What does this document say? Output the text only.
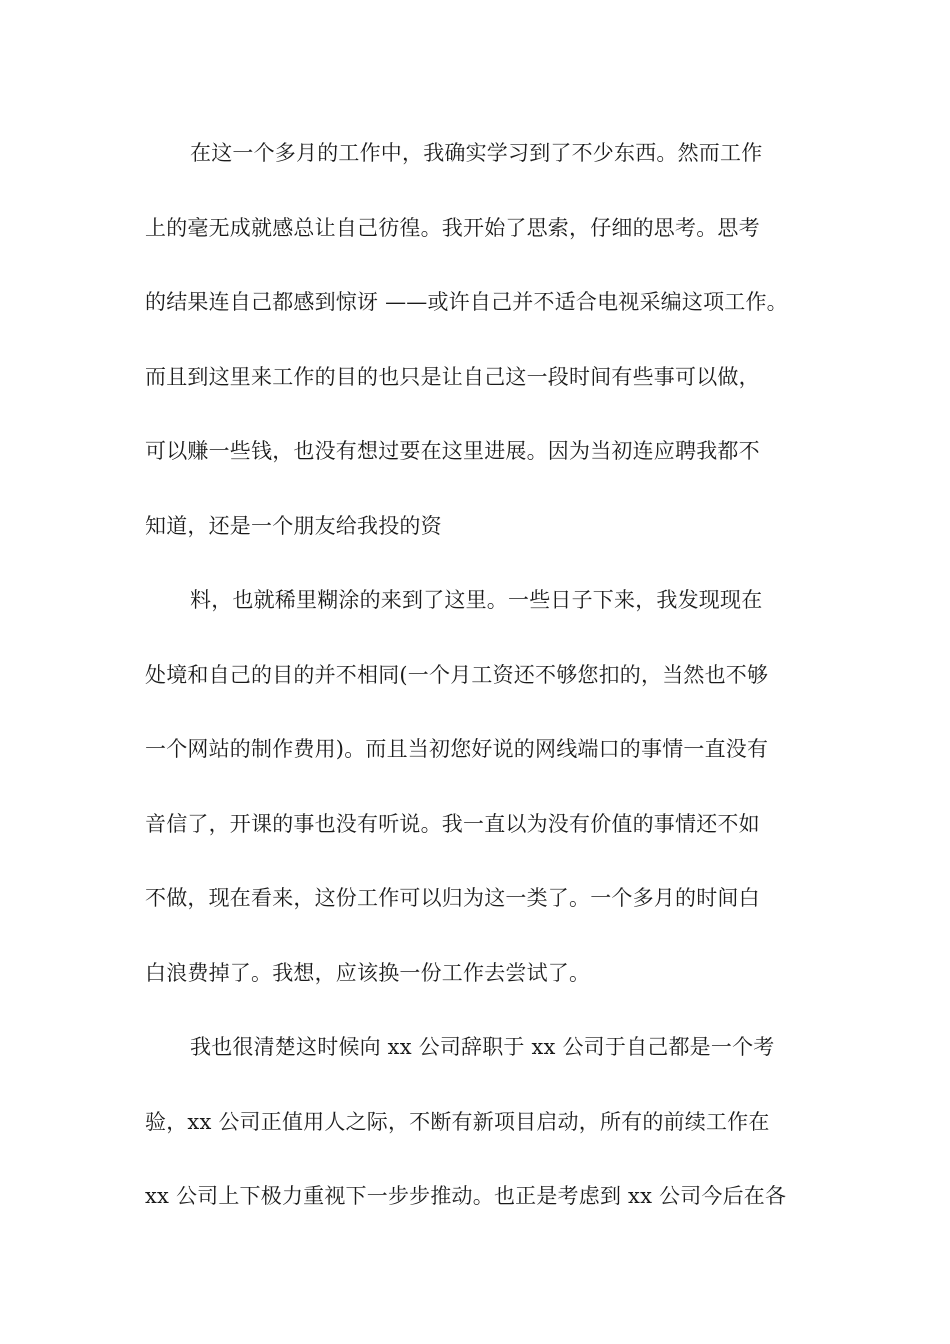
在这一个多月的工作中，我确实学习到了不少东西。然而工作
上的毫无成就感总让自己彷徨。我开始了思索，仔细的思考。思考
的结果连自己都感到惊讶 ——或许自己并不适合电视采编这项工作。
而且到这里来工作的目的也只是让自己这一段时间有些事可以做，
可以赚一些钱，也没有想过要在这里进展。因为当初连应聘我都不
知道，还是一个朋友给我投的资
料，也就稀里糊涂的来到了这里。一些日子下来，我发现现在
处境和自己的目的并不相同(一个月工资还不够您扣的，当然也不够
一个网站的制作费用)。而且当初您好说的网线端口的事情一直没有
音信了，开课的事也没有听说。我一直以为没有价值的事情还不如
不做，现在看来，这份工作可以归为这一类了。一个多月的时间白
白浪费掉了。我想，应该换一份工作去尝试了。
我也很清楚这时候向 xx 公司辞职于 xx 公司于自己都是一个考
验，xx 公司正值用人之际，不断有新项目启动，所有的前续工作在
xx 公司上下极力重视下一步步推动。也正是考虑到 xx 公司今后在各
